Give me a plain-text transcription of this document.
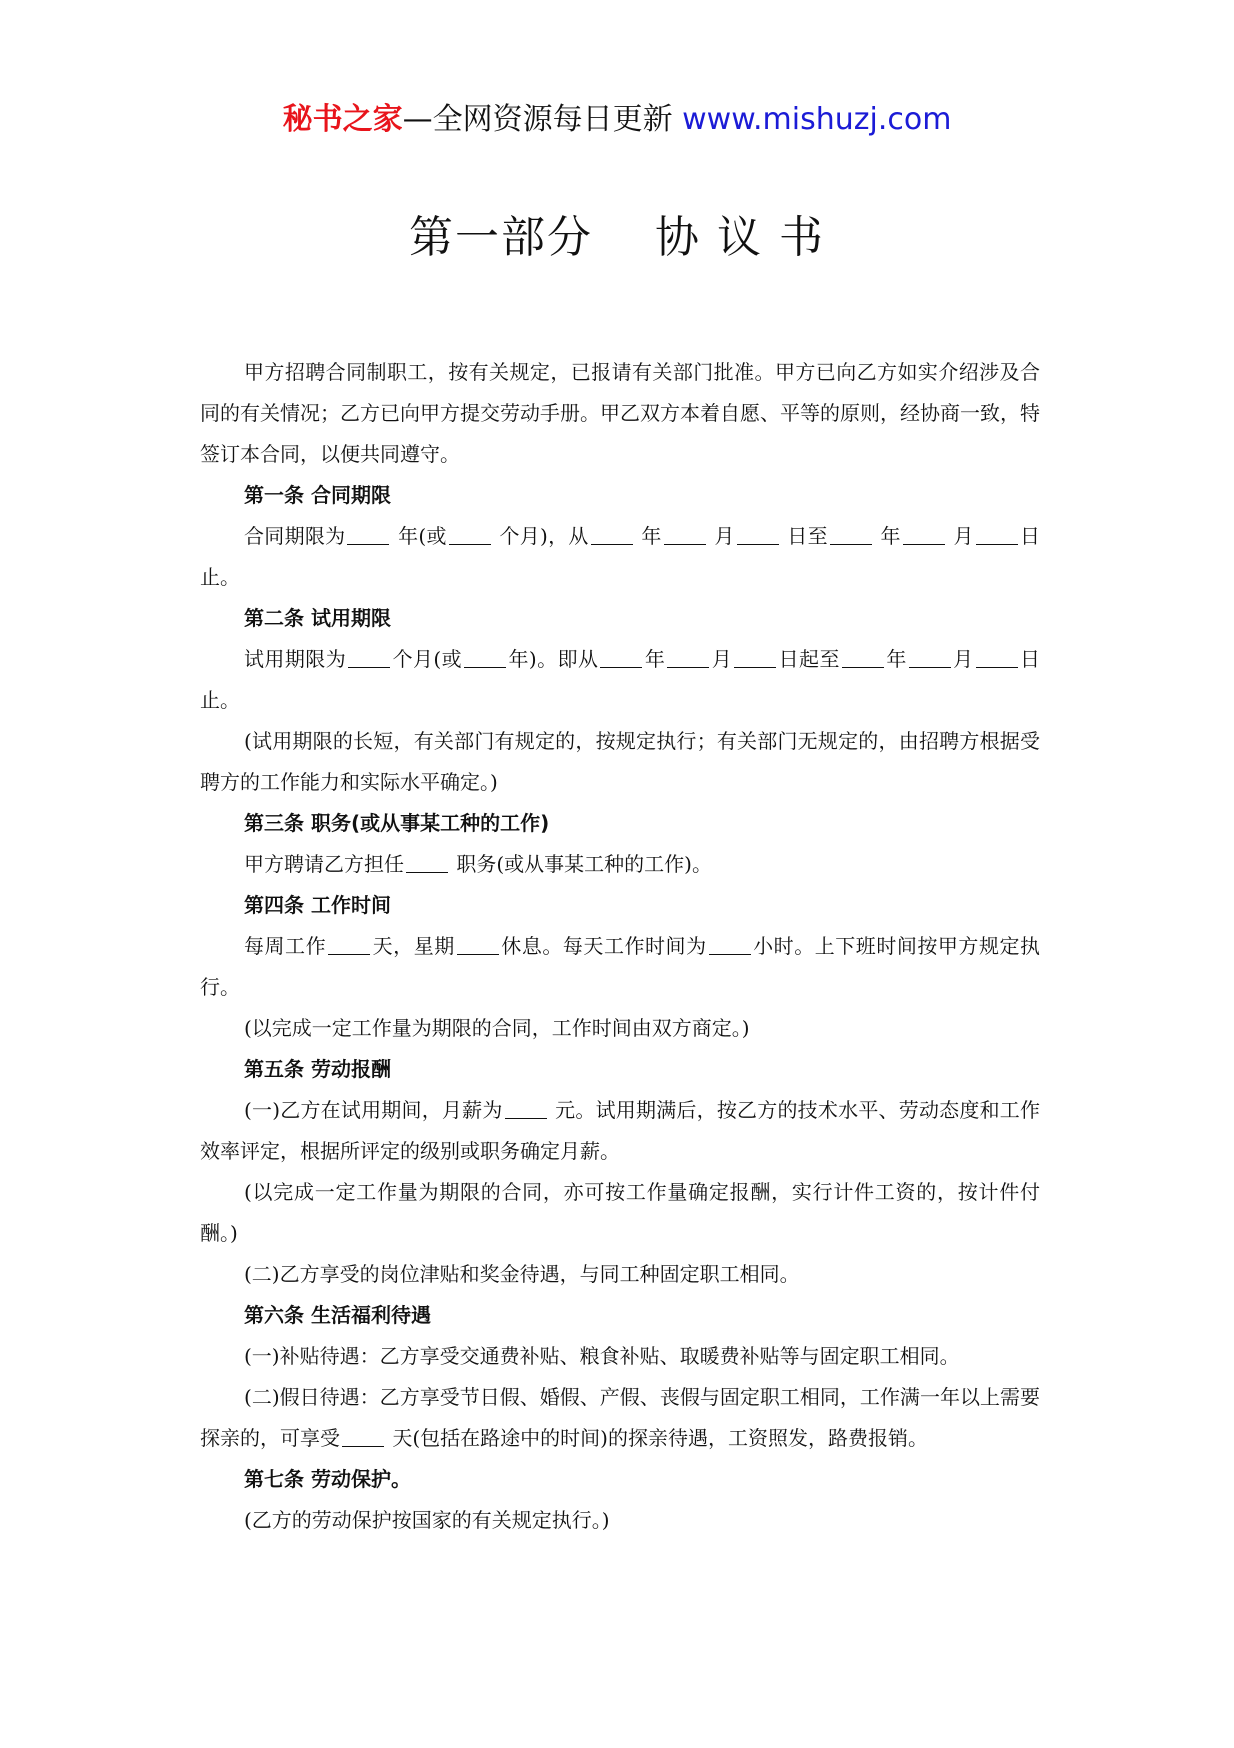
秘书之家—全网资源每日更新 www.mishuzj.com
第一部分　 协 议 书

甲方招聘合同制职工，按有关规定，已报请有关部门批准。甲方已向乙方如实介绍涉及合同的有关情况；乙方已向甲方提交劳动手册。甲乙双方本着自愿、平等的原则，经协商一致，特签订本合同，以便共同遵守。

第一条 合同期限

合同期限为 年(或 个月)，从 年 月 日至 年 月 日止。

第二条 试用期限

试用期限为 个月(或 年)。即从 年 月 日起至 年 月 日止。

(试用期限的长短，有关部门有规定的，按规定执行；有关部门无规定的，由招聘方根据受聘方的工作能力和实际水平确定。)

第三条 职务(或从事某工种的工作)

甲方聘请乙方担任 职务(或从事某工种的工作)。

第四条 工作时间

每周工作 天，星期 休息。每天工作时间为 小时。上下班时间按甲方规定执行。

(以完成一定工作量为期限的合同，工作时间由双方商定。)

第五条 劳动报酬

(一)乙方在试用期间，月薪为 元。试用期满后，按乙方的技术水平、劳动态度和工作效率评定，根据所评定的级别或职务确定月薪。

(以完成一定工作量为期限的合同，亦可按工作量确定报酬，实行计件工资的，按计件付酬。)

(二)乙方享受的岗位津贴和奖金待遇，与同工种固定职工相同。

第六条 生活福利待遇

(一)补贴待遇：乙方享受交通费补贴、粮食补贴、取暖费补贴等与固定职工相同。

(二)假日待遇：乙方享受节日假、婚假、产假、丧假与固定职工相同，工作满一年以上需要探亲的，可享受 天(包括在路途中的时间)的探亲待遇，工资照发，路费报销。

第七条 劳动保护。

(乙方的劳动保护按国家的有关规定执行。)
